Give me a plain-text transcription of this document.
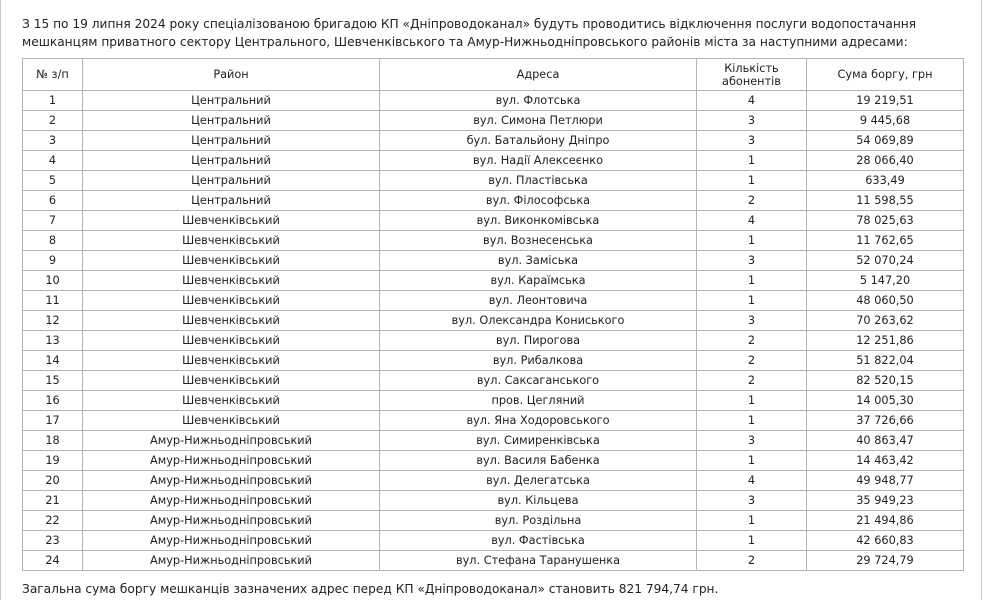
З 15 по 19 липня 2024 року спеціалізованою бригадою КП «Дніпроводоканал» будуть проводитись відключення послуги водопостачання мешканцям приватного сектору Центрального, Шевченківського та Амур-Нижньодніпровського районів міста за наступними адресами:

№ з/п	Район	Адреса	Кількість абонентів	Сума боргу, грн
1	Центральний	вул. Флотська	4	19 219,51
2	Центральний	вул. Симона Петлюри	3	9 445,68
3	Центральний	бул. Батальйону Дніпро	3	54 069,89
4	Центральний	вул. Надії Алексеєнко	1	28 066,40
5	Центральний	вул. Пластівська	1	633,49
6	Центральний	вул. Філософська	2	11 598,55
7	Шевченківський	вул. Виконкомівська	4	78 025,63
8	Шевченківський	вул. Вознесенська	1	11 762,65
9	Шевченківський	вул. Заміська	3	52 070,24
10	Шевченківський	вул. Караїмська	1	5 147,20
11	Шевченківський	вул. Леонтовича	1	48 060,50
12	Шевченківський	вул. Олександра Кониського	3	70 263,62
13	Шевченківський	вул. Пирогова	2	12 251,86
14	Шевченківський	вул. Рибалкова	2	51 822,04
15	Шевченківський	вул. Саксаганського	2	82 520,15
16	Шевченківський	пров. Цегляний	1	14 005,30
17	Шевченківський	вул. Яна Ходоровського	1	37 726,66
18	Амур-Нижньодніпровський	вул. Симиренківська	3	40 863,47
19	Амур-Нижньодніпровський	вул. Василя Бабенка	1	14 463,42
20	Амур-Нижньодніпровський	вул. Делегатська	4	49 948,77
21	Амур-Нижньодніпровський	вул. Кільцева	3	35 949,23
22	Амур-Нижньодніпровський	вул. Роздільна	1	21 494,86
23	Амур-Нижньодніпровський	вул. Фастівська	1	42 660,83
24	Амур-Нижньодніпровський	вул. Стефана Таранушенка	2	29 724,79

Загальна сума боргу мешканців зазначених адрес перед КП «Дніпроводоканал» становить 821 794,74 грн.
